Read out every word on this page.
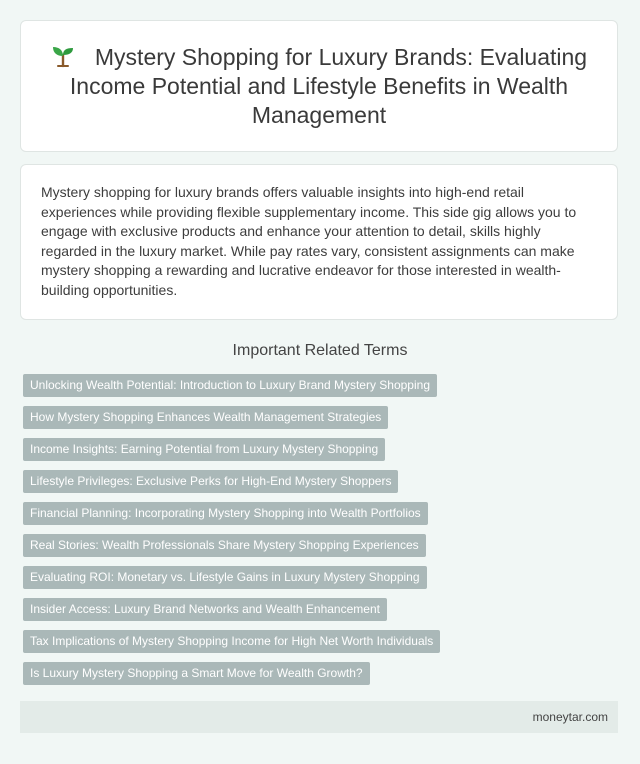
Mystery Shopping for Luxury Brands: Evaluating Income Potential and Lifestyle Benefits in Wealth Management

Mystery shopping for luxury brands offers valuable insights into high-end retail experiences while providing flexible supplementary income. This side gig allows you to engage with exclusive products and enhance your attention to detail, skills highly regarded in the luxury market. While pay rates vary, consistent assignments can make mystery shopping a rewarding and lucrative endeavor for those interested in wealth-building opportunities.

Important Related Terms
Unlocking Wealth Potential: Introduction to Luxury Brand Mystery Shopping
How Mystery Shopping Enhances Wealth Management Strategies
Income Insights: Earning Potential from Luxury Mystery Shopping
Lifestyle Privileges: Exclusive Perks for High-End Mystery Shoppers
Financial Planning: Incorporating Mystery Shopping into Wealth Portfolios
Real Stories: Wealth Professionals Share Mystery Shopping Experiences
Evaluating ROI: Monetary vs. Lifestyle Gains in Luxury Mystery Shopping
Insider Access: Luxury Brand Networks and Wealth Enhancement
Tax Implications of Mystery Shopping Income for High Net Worth Individuals
Is Luxury Mystery Shopping a Smart Move for Wealth Growth?
moneytar.com
